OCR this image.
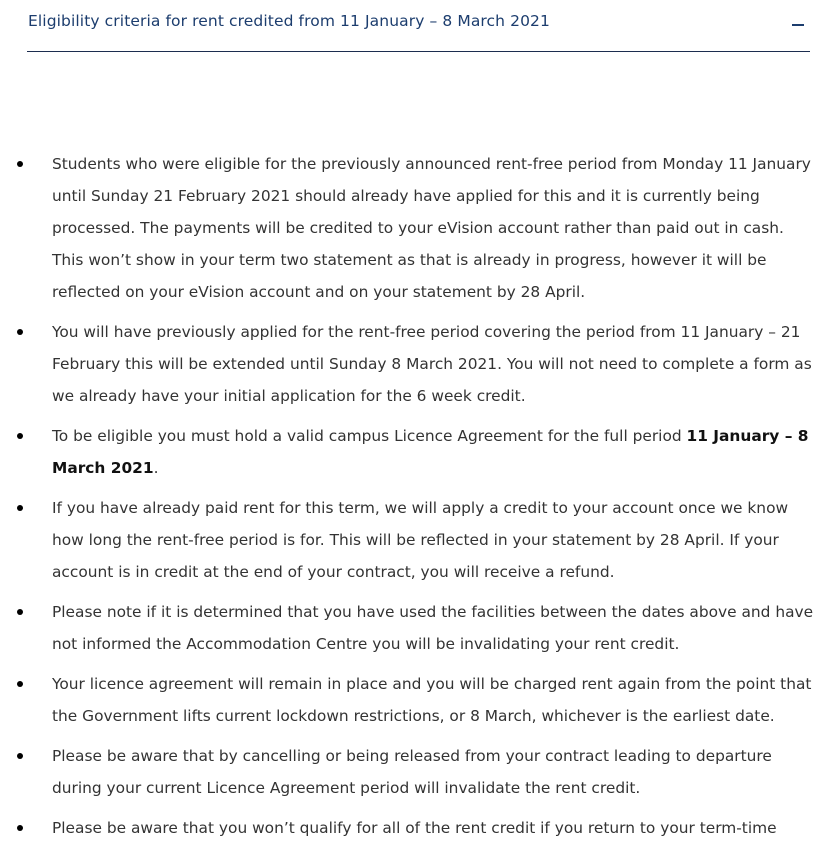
Eligibility criteria for rent credited from 11 January – 8 March 2021
Students who were eligible for the previously announced rent-free period from Monday 11 January until Sunday 21 February 2021 should already have applied for this and it is currently being processed. The payments will be credited to your eVision account rather than paid out in cash. This won’t show in your term two statement as that is already in progress, however it will be reflected on your eVision account and on your statement by 28 April.
You will have previously applied for the rent-free period covering the period from 11 January – 21 February this will be extended until Sunday 8 March 2021. You will not need to complete a form as we already have your initial application for the 6 week credit.
To be eligible you must hold a valid campus Licence Agreement for the full period 11 January – 8 March 2021.
If you have already paid rent for this term, we will apply a credit to your account once we know how long the rent-free period is for. This will be reflected in your statement by 28 April. If your account is in credit at the end of your contract, you will receive a refund.
Please note if it is determined that you have used the facilities between the dates above and have not informed the Accommodation Centre you will be invalidating your rent credit.
Your licence agreement will remain in place and you will be charged rent again from the point that the Government lifts current lockdown restrictions, or 8 March, whichever is the earliest date.
Please be aware that by cancelling or being released from your contract leading to departure during your current Licence Agreement period will invalidate the rent credit.
Please be aware that you won’t qualify for all of the rent credit if you return to your term-time
